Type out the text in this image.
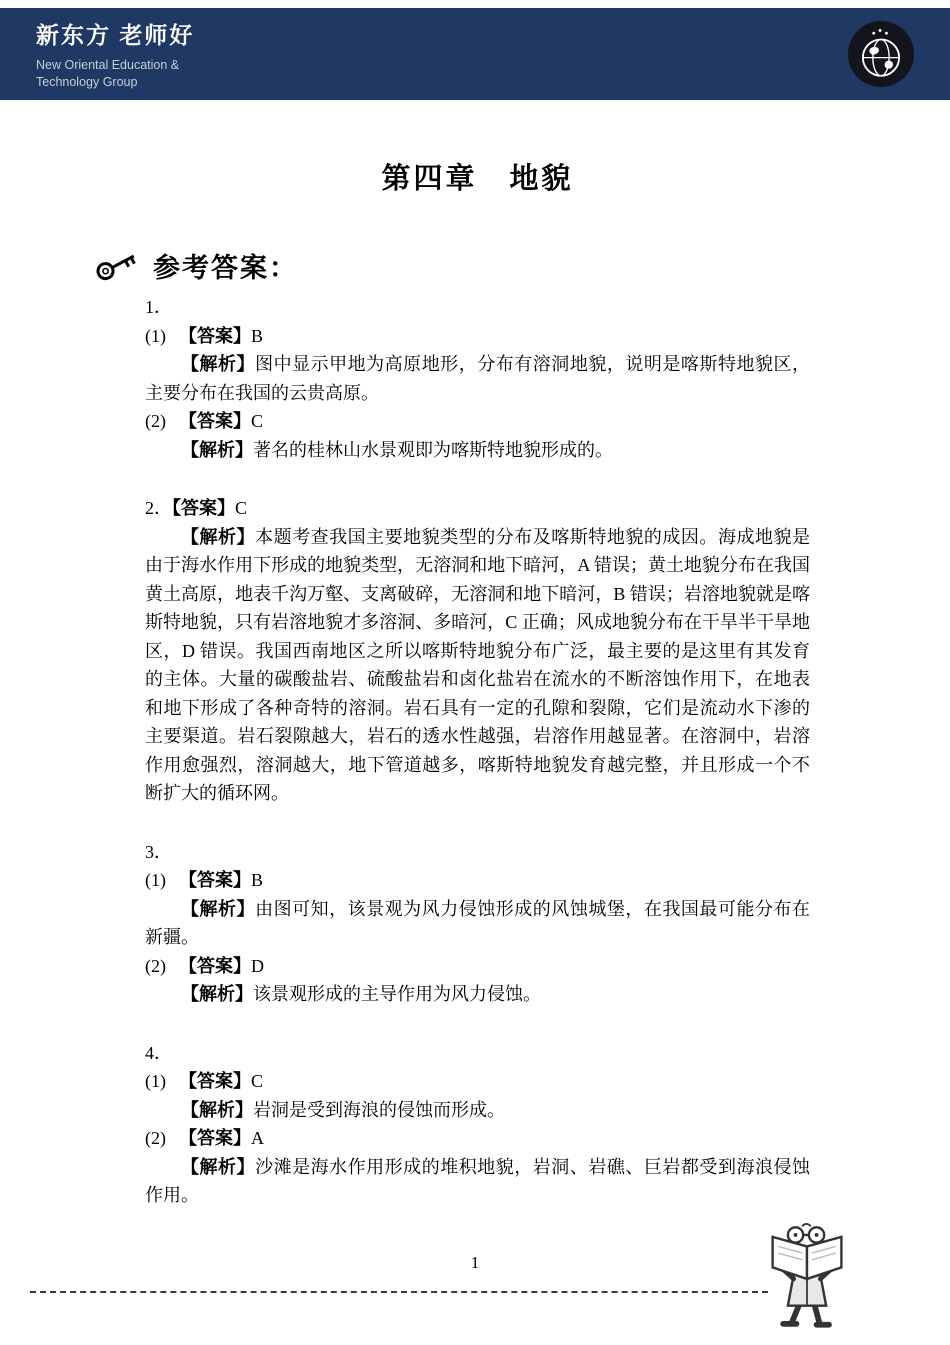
新东方 老师好
New Oriental Education &
Technology Group
第四章　地貌
参考答案：
1．
(1) 【答案】B

【解析】图中显示甲地为高原地形，分布有溶洞地貌，说明是喀斯特地貌区，主要分布在我国的云贵高原。

(2) 【答案】C

【解析】著名的桂林山水景观即为喀斯特地貌形成的。

2．【答案】C

【解析】本题考查我国主要地貌类型的分布及喀斯特地貌的成因。海成地貌是由于海水作用下形成的地貌类型，无溶洞和地下暗河，A 错误；黄土地貌分布在我国黄土高原，地表千沟万壑、支离破碎，无溶洞和地下暗河，B 错误；岩溶地貌就是喀斯特地貌，只有岩溶地貌才多溶洞、多暗河，C 正确；风成地貌分布在干旱半干旱地区，D 错误。我国西南地区之所以喀斯特地貌分布广泛，最主要的是这里有其发育的主体。大量的碳酸盐岩、硫酸盐岩和卤化盐岩在流水的不断溶蚀作用下，在地表和地下形成了各种奇特的溶洞。岩石具有一定的孔隙和裂隙，它们是流动水下渗的主要渠道。岩石裂隙越大，岩石的透水性越强，岩溶作用越显著。在溶洞中，岩溶作用愈强烈，溶洞越大，地下管道越多，喀斯特地貌发育越完整，并且形成一个不断扩大的循环网。

3．
(1) 【答案】B

【解析】由图可知，该景观为风力侵蚀形成的风蚀城堡，在我国最可能分布在新疆。

(2) 【答案】D

【解析】该景观形成的主导作用为风力侵蚀。

4．
(1) 【答案】C

【解析】岩洞是受到海浪的侵蚀而形成。

(2) 【答案】A

【解析】沙滩是海水作用形成的堆积地貌，岩洞、岩礁、巨岩都受到海浪侵蚀作用。

1
